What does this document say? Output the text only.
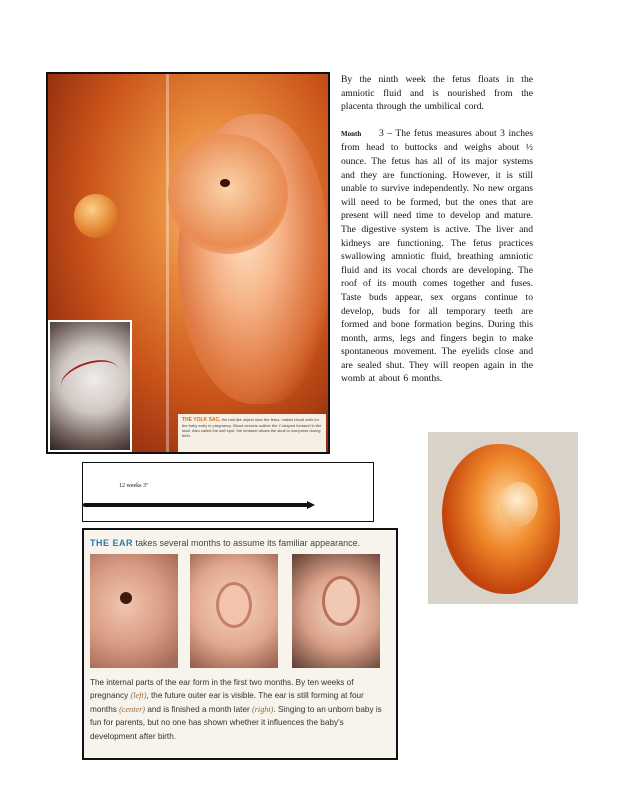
THE YOLK SAC, the ball-like object near the fetus, makes blood cells for the baby early in pregnancy. Blood vessels outline the Y-shaped fontanel in the skull. Also called the soft spot, the fontanel allows the skull to compress during birth.

By the ninth week the fetus floats in the amniotic fluid and is nourished from the placenta through the umbilical cord.

Month 3 – The fetus measures about 3 inches from head to buttocks and weighs about ½ ounce. The fetus has all of its major systems and they are functioning. However, it is still unable to survive independently. No new organs will need to be formed, but the ones that are present will need time to develop and mature. The digestive system is active. The liver and kidneys are functioning. The fetus practices swallowing amniotic fluid, breathing amniotic fluid and its vocal chords are developing. The roof of its mouth comes together and fuses. Taste buds appear, sex organs continue to develop, buds for all temporary teeth are formed and bone formation begins. During this month, arms, legs and fingers begin to make spontaneous movement. The eyelids close and are sealed shut. They will reopen again in the womb at about 6 months.

12 weeks 3"
THE EAR takes several months to assume its familiar appearance.
The internal parts of the ear form in the first two months. By ten weeks of pregnancy (left), the future outer ear is visible. The ear is still forming at four months (center) and is finished a month later (right). Singing to an unborn baby is fun for parents, but no one has shown whether it influences the baby's development after birth.
